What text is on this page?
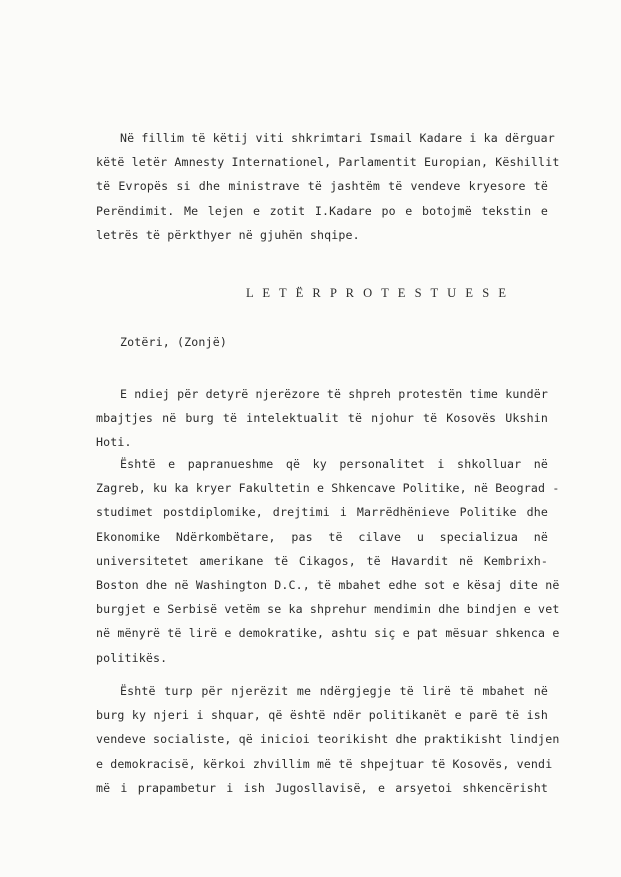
Në fillim të këtij viti shkrimtari Ismail Kadare i ka dërguar
këtë letër Amnesty Internationel, Parlamentit Europian, Këshillit
të Evropës si dhe ministrave të jashtëm të vendeve kryesore të
Perëndimit. Me lejen e zotit I.Kadare po e botojmë tekstin e
letrës të përkthyer në gjuhën shqipe.
L E T Ë R P R O T E S T U E S E
Zotëri, (Zonjë)
E ndiej për detyrë njerëzore të shpreh protestën time kundër
mbajtjes në burg të intelektualit të njohur të Kosovës Ukshin
Hoti.
Është e papranueshme që ky personalitet i shkolluar në
Zagreb, ku ka kryer Fakultetin e Shkencave Politike, në Beograd -
studimet postdiplomike, drejtimi i Marrëdhënieve Politike dhe
Ekonomike Ndërkombëtare, pas të cilave u specializua në
universitetet amerikane të Cikagos, të Havardit në Kembrixh-
Boston dhe në Washington D.C., të mbahet edhe sot e kësaj dite në
burgjet e Serbisë vetëm se ka shprehur mendimin dhe bindjen e vet
në mënyrë të lirë e demokratike, ashtu siç e pat mësuar shkenca e
politikës.
Është turp për njerëzit me ndërgjegje të lirë të mbahet në
burg ky njeri i shquar, që është ndër politikanët e parë të ish
vendeve socialiste, që inicioi teorikisht dhe praktikisht lindjen
e demokracisë, kërkoi zhvillim më të shpejtuar të Kosovës, vendi
më i prapambetur i ish Jugosllavisë, e arsyetoi shkencërisht
